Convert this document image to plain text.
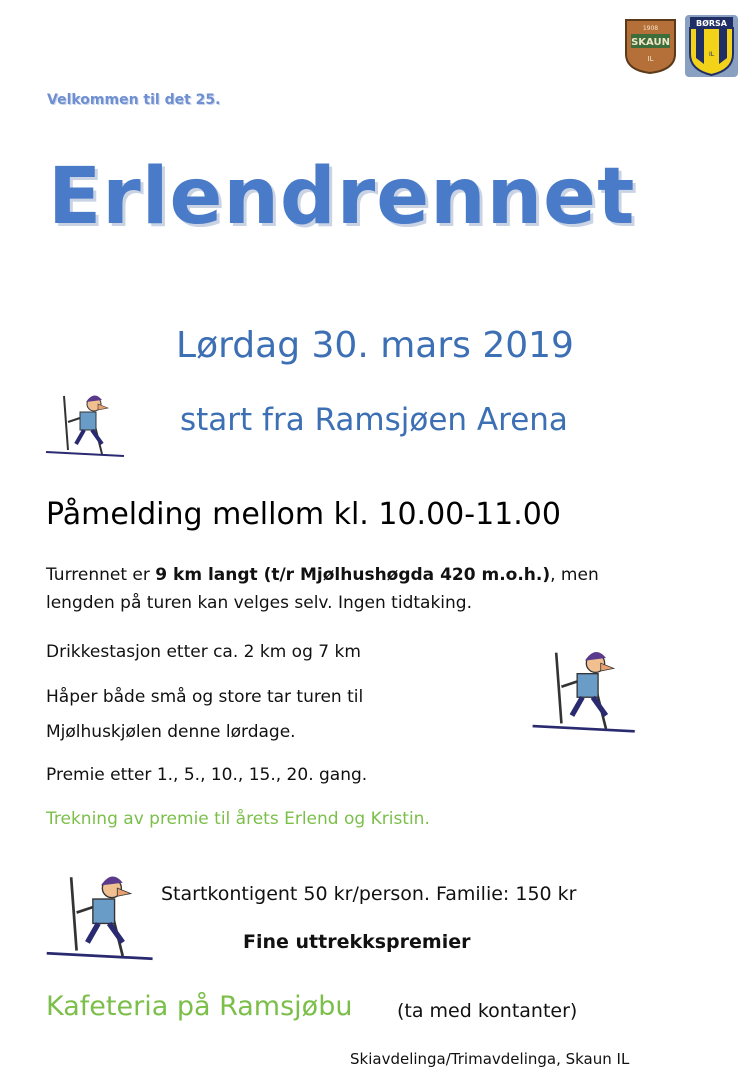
SKAUN
1908
IL
BØRSA
IL
Velkommen til det 25.
Erlendrennet
Lørdag 30. mars 2019
start fra Ramsjøen Arena
Påmelding mellom kl. 10.00-11.00
Turrennet er 9 km langt (t/r Mjølhushøgda 420 m.o.h.), men
lengden på turen kan velges selv. Ingen tidtaking.
Drikkestasjon etter ca. 2 km og 7 km
Håper både små og store tar turen til
Mjølhuskjølen denne lørdage.
Premie etter 1., 5., 10., 15., 20. gang.
Trekning av premie til årets Erlend og Kristin.
Startkontigent 50 kr/person. Familie: 150 kr
Fine uttrekkspremier
Kafeteria på Ramsjøbu (ta med kontanter)
Skiavdelinga/Trimavdelinga, Skaun IL
